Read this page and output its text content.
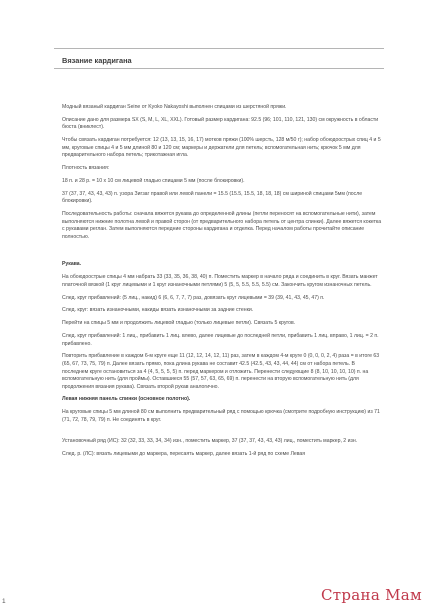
Вязание кардигана

Модный вязаный кардиган Seine от Kyoko Nakayoshi выполнен спицами из шерстяной пряжи.

Описание дано для размера SX (S, M, L, XL, XXL). Готовый размер кардигана: 92.5 (96; 101, 110, 121, 130) см окружность в области бюста (вниклест).

Чтобы связать кардиган потребуется: 12 (13, 13, 15, 16, 17) мотков пряжи (100% шерсть, 128 м/50 г); набор обоюдоострых спиц 4 и 5 мм, круговые спицы 4 и 5 мм длиной 80 и 120 см; маркеры и держатели для петель; вспомогательная нить; крючок 5 мм для предварительного набора петель; трикотажная игла.

Плотность вязания:

18 п. и 28 р. = 10 х 10 см лицевой гладью спицами 5 мм (после блокировки).

37 (37, 37, 43, 43, 43) п. узора Зигзаг правой или левой панели = 15.5 (15.5, 15.5, 18, 18, 18) см шириной спицами 5мм (после блокировки).

Последовательность работы: сначала вяжется рукава до определенной длины (петли переносят на вспомогательные нити), затем выполняются нижние полотна левой и правой сторон (от предварительного набора петель от центра спинки). Далее вяжется кокетка с рукавами реглан. Затем выполняются передние стороны кардигана и отделка. Перед началом работы прочитайте описание полностью.

Рукава.

На обоюдоострые спицы 4 мм набрать 33 (33, 35, 36, 38, 40) п. Поместить маркер в начало ряда и соединить в круг. Вязать манжет платочной вязкой (1 круг лицевыми и 1 круг изнаночными петлями) 5 (5, 5, 5.5, 5.5, 5.5) см. Закончить кругом изнаночных петель.

След. круг прибавлений: (5 лиц., накид) 6 (6, 6, 7, 7, 7) раз, довязать круг лицевыми = 39 (39, 41, 43, 45, 47) п.

След. круг: вязать изнаночными, накиды вязать изнаночными за задние стенки.

Перейти на спицы 5 мм и продолжить лицевой гладью (только лицевые петли). Связать 5 кругов.

След. круг прибавлений: 1 лиц., прибавить 1 лиц. влево, далее лицевые до последней петли, прибавить 1 лиц. вправо, 1 лиц. = 2 п. прибавлено.

Повторить прибавление в каждом 6-м круге еще 11 (12, 12, 14, 12, 11) раз, затем в каждом 4-м круге 0 (0, 0, 0, 2, 4) раза = в итоге 63 (65, 67, 73, 75, 79) п. Далее вязать прямо, пока длина рукава не составит 42.5 (42.5, 43, 43, 44, 44) см от набора петель. В последнем круге остановиться за 4 (4, 5, 5, 5, 5) п. перед маркером и отложить. Перенести следующие 8 (8, 10, 10, 10, 10) п. на вспомогательную нить (для проймы). Оставшиеся 55 (57, 57, 63, 65, 69) п. перенести на вторую вспомогательную нить (для продолжения вязания рукава). Связать второй рукав аналогично.

Левая нижняя панель спинки (основное полотно).

На круговые спицы 5 мм длиной 80 см выполнить предварительный ряд с помощью крючка (смотрите подробную инструкцию) из 71 (71, 72, 78, 79, 79) п. Не соединять в круг.

Установочный ряд (ИС): 32 (32, 33, 33, 34, 34) изн., поместить маркер, 37 (37, 37, 43, 43, 43) лиц., поместить маркер, 2 изн.

След. р. (ЛС): вязать лицевыми до маркера, пересаять маркер, далее вязать 1-й ряд по схеме Левая

1	Страна Мам
